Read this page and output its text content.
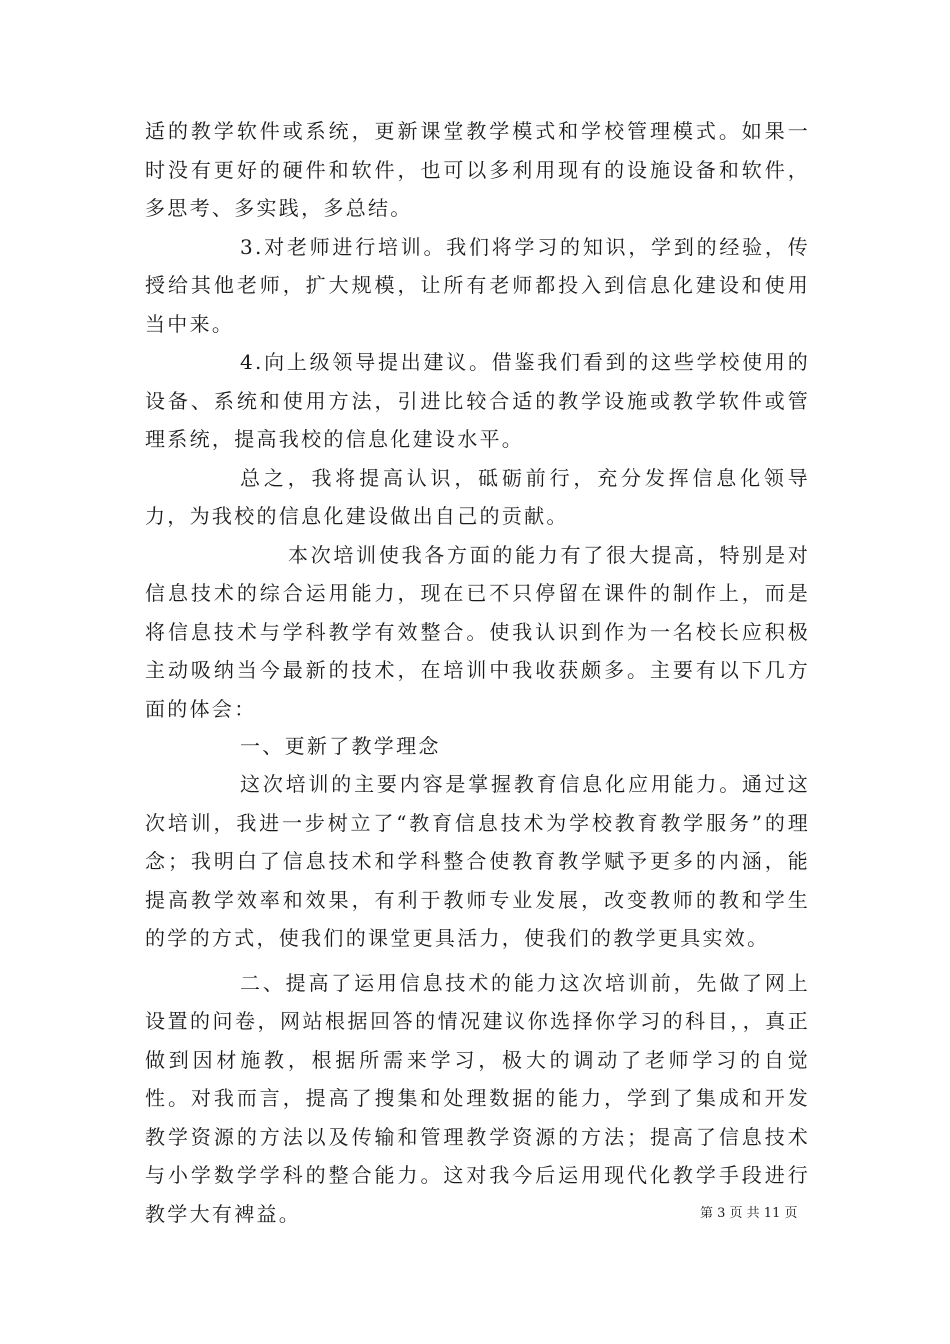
适的教学软件或系统，更新课堂教学模式和学校管理模式。如果一时没有更好的硬件和软件，也可以多利用现有的设施设备和软件，多思考、多实践，多总结。

3.对老师进行培训。我们将学习的知识，学到的经验，传授给其他老师，扩大规模，让所有老师都投入到信息化建设和使用当中来。

4.向上级领导提出建议。借鉴我们看到的这些学校使用的设备、系统和使用方法，引进比较合适的教学设施或教学软件或管理系统，提高我校的信息化建设水平。

总之，我将提高认识，砥砺前行，充分发挥信息化领导力，为我校的信息化建设做出自己的贡献。

本次培训使我各方面的能力有了很大提高，特别是对信息技术的综合运用能力，现在已不只停留在课件的制作上，而是将信息技术与学科教学有效整合。使我认识到作为一名校长应积极主动吸纳当今最新的技术，在培训中我收获颇多。主要有以下几方面的体会：

一、更新了教学理念

这次培训的主要内容是掌握教育信息化应用能力。通过这次培训，我进一步树立了“教育信息技术为学校教育教学服务”的理念；我明白了信息技术和学科整合使教育教学赋予更多的内涵，能提高教学效率和效果，有利于教师专业发展，改变教师的教和学生的学的方式，使我们的课堂更具活力，使我们的教学更具实效。

二、提高了运用信息技术的能力这次培训前，先做了网上设置的问卷，网站根据回答的情况建议你选择你学习的科目，，真正做到因材施教，根据所需来学习，极大的调动了老师学习的自觉性。对我而言，提高了搜集和处理数据的能力，学到了集成和开发教学资源的方法以及传输和管理教学资源的方法；提高了信息技术与小学数学学科的整合能力。这对我今后运用现代化教学手段进行教学大有裨益。	第 3 页 共 11 页
